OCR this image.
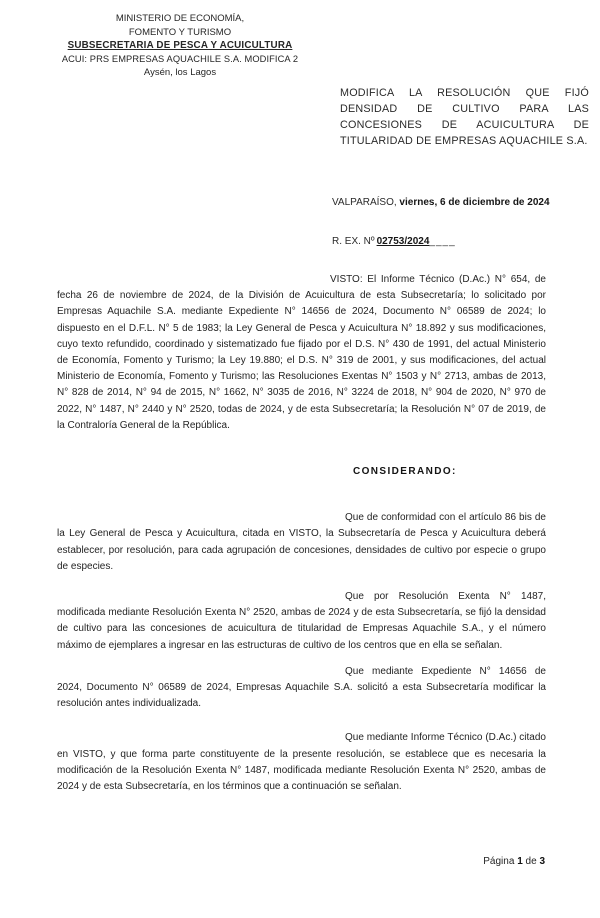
MINISTERIO DE ECONOMÍA,
FOMENTO Y TURISMO
SUBSECRETARIA DE PESCA Y ACUICULTURA
ACUI: PRS EMPRESAS AQUACHILE S.A. MODIFICA 2
Aysén, los Lagos
MODIFICA LA RESOLUCIÓN QUE FIJÓ DENSIDAD DE CULTIVO PARA LAS CONCESIONES DE ACUICULTURA DE TITULARIDAD DE EMPRESAS AQUACHILE S.A.
VALPARAÍSO, viernes, 6 de diciembre de 2024
R. EX. Nº 02753/2024____

VISTO: El Informe Técnico (D.Ac.) N° 654, de fecha 26 de noviembre de 2024, de la División de Acuicultura de esta Subsecretaría; lo solicitado por Empresas Aquachile S.A. mediante Expediente N° 14656 de 2024, Documento N° 06589 de 2024; lo dispuesto en el D.F.L. N° 5 de 1983; la Ley General de Pesca y Acuicultura N° 18.892 y sus modificaciones, cuyo texto refundido, coordinado y sistematizado fue fijado por el D.S. N° 430 de 1991, del actual Ministerio de Economía, Fomento y Turismo; la Ley 19.880; el D.S. N° 319 de 2001, y sus modificaciones, del actual Ministerio de Economía, Fomento y Turismo; las Resoluciones Exentas N° 1503 y N° 2713, ambas de 2013, N° 828 de 2014, N° 94 de 2015, N° 1662, N° 3035 de 2016, N° 3224 de 2018, N° 904 de 2020, N° 970 de 2022, N° 1487, N° 2440 y N° 2520, todas de 2024, y de esta Subsecretaría; la Resolución N° 07 de 2019, de la Contraloría General de la República.

CONSIDERANDO:

Que de conformidad con el artículo 86 bis de la Ley General de Pesca y Acuicultura, citada en VISTO, la Subsecretaría de Pesca y Acuicultura deberá establecer, por resolución, para cada agrupación de concesiones, densidades de cultivo por especie o grupo de especies.

Que por Resolución Exenta N° 1487, modificada mediante Resolución Exenta N° 2520, ambas de 2024 y de esta Subsecretaría, se fijó la densidad de cultivo para las concesiones de acuicultura de titularidad de Empresas Aquachile S.A., y el número máximo de ejemplares a ingresar en las estructuras de cultivo de los centros que en ella se señalan.

Que mediante Expediente N° 14656 de 2024, Documento N° 06589 de 2024, Empresas Aquachile S.A. solicitó a esta Subsecretaría modificar la resolución antes individualizada.

Que mediante Informe Técnico (D.Ac.) citado en VISTO, y que forma parte constituyente de la presente resolución, se establece que es necesaria la modificación de la Resolución Exenta N° 1487, modificada mediante Resolución Exenta N° 2520, ambas de 2024 y de esta Subsecretaría, en los términos que a continuación se señalan.

Página 1 de 3
